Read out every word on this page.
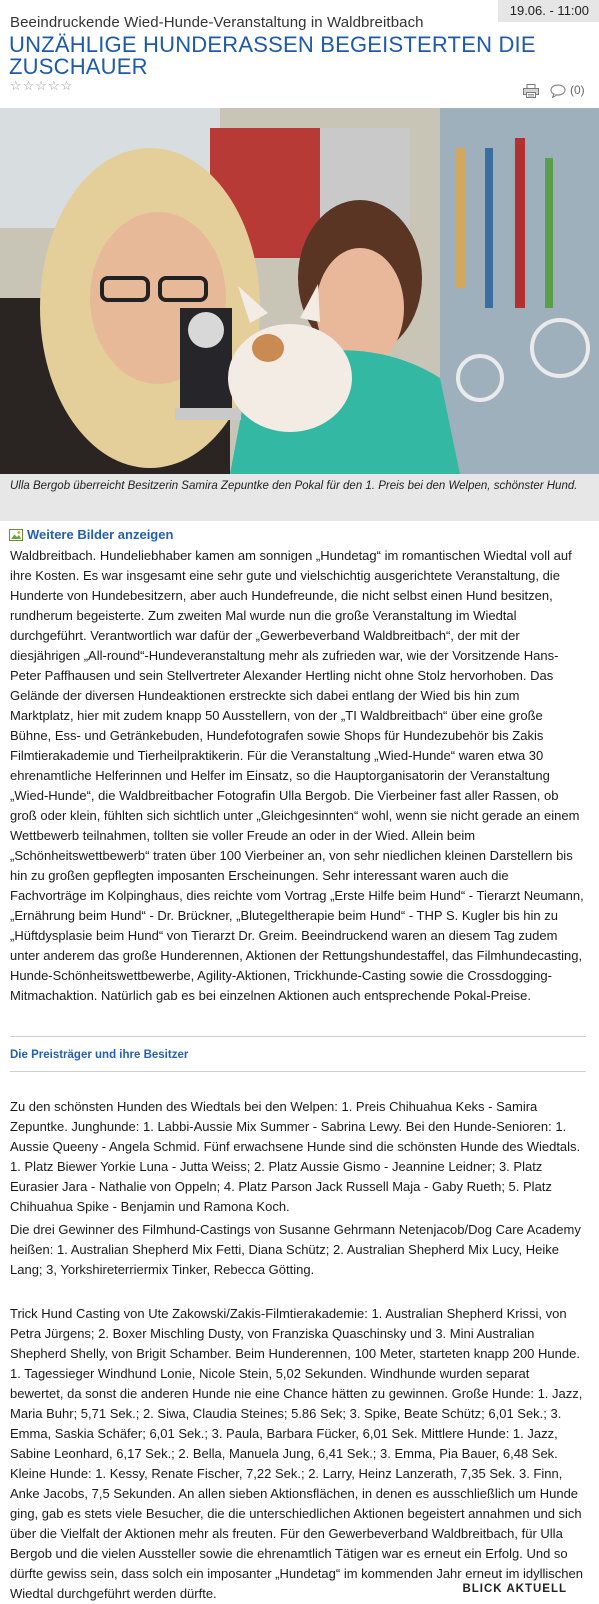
19.06. - 11:00
Beeindruckende Wied-Hunde-Veranstaltung in Waldbreitbach
UNZÄHLIGE HUNDERASSEN BEGEISTERTEN DIE ZUSCHAUER
☆☆☆☆☆	(0)
Ulla Bergob überreicht Besitzerin Samira Zepuntke den Pokal für den 1. Preis bei den Welpen, schönster Hund.
Weitere Bilder anzeigen

Waldbreitbach. Hundeliebhaber kamen am sonnigen „Hundetag“ im romantischen Wiedtal voll auf ihre Kosten. Es war insgesamt eine sehr gute und vielschichtig ausgerichtete Veranstaltung, die Hunderte von Hundebesitzern, aber auch Hundefreunde, die nicht selbst einen Hund besitzen, rundherum begeisterte. Zum zweiten Mal wurde nun die große Veranstaltung im Wiedtal durchgeführt. Verantwortlich war dafür der „Gewerbeverband Waldbreitbach“, der mit der diesjährigen „All-round“-Hundeveranstaltung mehr als zufrieden war, wie der Vorsitzende Hans-Peter Paffhausen und sein Stellvertreter Alexander Hertling nicht ohne Stolz hervorhoben. Das Gelände der diversen Hundeaktionen erstreckte sich dabei entlang der Wied bis hin zum Marktplatz, hier mit zudem knapp 50 Ausstellern, von der „TI Waldbreitbach“ über eine große Bühne, Ess- und Getränkebuden, Hundefotografen sowie Shops für Hundezubehör bis Zakis Filmtierakademie und Tierheilpraktikerin. Für die Veranstaltung „Wied-Hunde“ waren etwa 30 ehrenamtliche Helferinnen und Helfer im Einsatz, so die Hauptorganisatorin der Veranstaltung „Wied-Hunde“, die Waldbreitbacher Fotografin Ulla Bergob. Die Vierbeiner fast aller Rassen, ob groß oder klein, fühlten sich sichtlich unter „Gleichgesinnten“ wohl, wenn sie nicht gerade an einem Wettbewerb teilnahmen, tollten sie voller Freude an oder in der Wied. Allein beim „Schönheitswettbewerb“ traten über 100 Vierbeiner an, von sehr niedlichen kleinen Darstellern bis hin zu großen gepflegten imposanten Erscheinungen. Sehr interessant waren auch die Fachvorträge im Kolpinghaus, dies reichte vom Vortrag „Erste Hilfe beim Hund“ - Tierarzt Neumann, „Ernährung beim Hund“ - Dr. Brückner, „Blutegeltherapie beim Hund“ - THP S. Kugler bis hin zu „Hüftdysplasie beim Hund“ von Tierarzt Dr. Greim. Beeindruckend waren an diesem Tag zudem unter anderem das große Hunderennen, Aktionen der Rettungshundestaffel, das Filmhundecasting, Hunde-Schönheitswettbewerbe, Agility-Aktionen, Trickhunde-Casting sowie die Crossdogging-Mitmachaktion. Natürlich gab es bei einzelnen Aktionen auch entsprechende Pokal-Preise.

Die Preisträger und ihre Besitzer

Zu den schönsten Hunden des Wiedtals bei den Welpen: 1. Preis Chihuahua Keks - Samira Zepuntke. Junghunde: 1. Labbi-Aussie Mix Summer - Sabrina Lewy. Bei den Hunde-Senioren: 1. Aussie Queeny - Angela Schmid. Fünf erwachsene Hunde sind die schönsten Hunde des Wiedtals. 1. Platz Biewer Yorkie Luna - Jutta Weiss; 2. Platz Aussie Gismo - Jeannine Leidner; 3. Platz Eurasier Jara - Nathalie von Oppeln; 4. Platz Parson Jack Russell Maja - Gaby Rueth; 5. Platz Chihuahua Spike - Benjamin und Ramona Koch.

Die drei Gewinner des Filmhund-Castings von Susanne Gehrmann Netenjacob/Dog Care Academy heißen: 1. Australian Shepherd Mix Fetti, Diana Schütz; 2. Australian Shepherd Mix Lucy, Heike Lang; 3, Yorkshireterriermix Tinker, Rebecca Götting.

Trick Hund Casting von Ute Zakowski/Zakis-Filmtierakademie: 1. Australian Shepherd Krissi, von Petra Jürgens; 2. Boxer Mischling Dusty, von Franziska Quaschinsky und 3. Mini Australian Shepherd Shelly, von Brigit Schamber. Beim Hunderennen, 100 Meter, starteten knapp 200 Hunde. 1. Tagessieger Windhund Lonie, Nicole Stein, 5,02 Sekunden. Windhunde wurden separat bewertet, da sonst die anderen Hunde nie eine Chance hätten zu gewinnen. Große Hunde: 1. Jazz, Maria Buhr; 5,71 Sek.; 2. Siwa, Claudia Steines; 5.86 Sek; 3. Spike, Beate Schütz; 6,01 Sek.; 3. Emma, Saskia Schäfer; 6,01 Sek.; 3. Paula, Barbara Fücker, 6,01 Sek. Mittlere Hunde: 1. Jazz, Sabine Leonhard, 6,17 Sek.; 2. Bella, Manuela Jung, 6,41 Sek.; 3. Emma, Pia Bauer, 6,48 Sek. Kleine Hunde: 1. Kessy, Renate Fischer, 7,22 Sek.; 2. Larry, Heinz Lanzerath, 7,35 Sek. 3. Finn, Anke Jacobs, 7,5 Sekunden. An allen sieben Aktionsflächen, in denen es ausschließlich um Hunde ging, gab es stets viele Besucher, die die unterschiedlichen Aktionen begeistert annahmen und sich über die Vielfalt der Aktionen mehr als freuten. Für den Gewerbeverband Waldbreitbach, für Ulla Bergob und die vielen Aussteller sowie die ehrenamtlich Tätigen war es erneut ein Erfolg. Und so dürfte gewiss sein, dass solch ein imposanter „Hundetag“ im kommenden Jahr erneut im idyllischen Wiedtal durchgeführt werden dürfte.	BLICK AKTUELL
